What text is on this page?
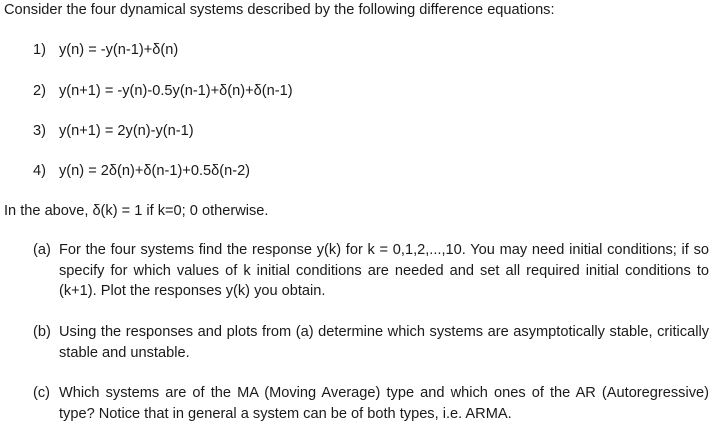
Consider the four dynamical systems described by the following difference equations:
1) y(n) = -y(n-1)+δ(n)
2) y(n+1) = -y(n)-0.5y(n-1)+δ(n)+δ(n-1)
3) y(n+1) = 2y(n)-y(n-1)
4) y(n) = 2δ(n)+δ(n-1)+0.5δ(n-2)
In the above, δ(k) = 1 if k=0; 0 otherwise.
(a) For the four systems find the response y(k) for k = 0,1,2,...,10. You may need initial conditions; if so specify for which values of k initial conditions are needed and set all required initial conditions to (k+1). Plot the responses y(k) you obtain.
(b) Using the responses and plots from (a) determine which systems are asymptotically stable, critically stable and unstable.
(c) Which systems are of the MA (Moving Average) type and which ones of the AR (Autoregressive) type? Notice that in general a system can be of both types, i.e. ARMA.
